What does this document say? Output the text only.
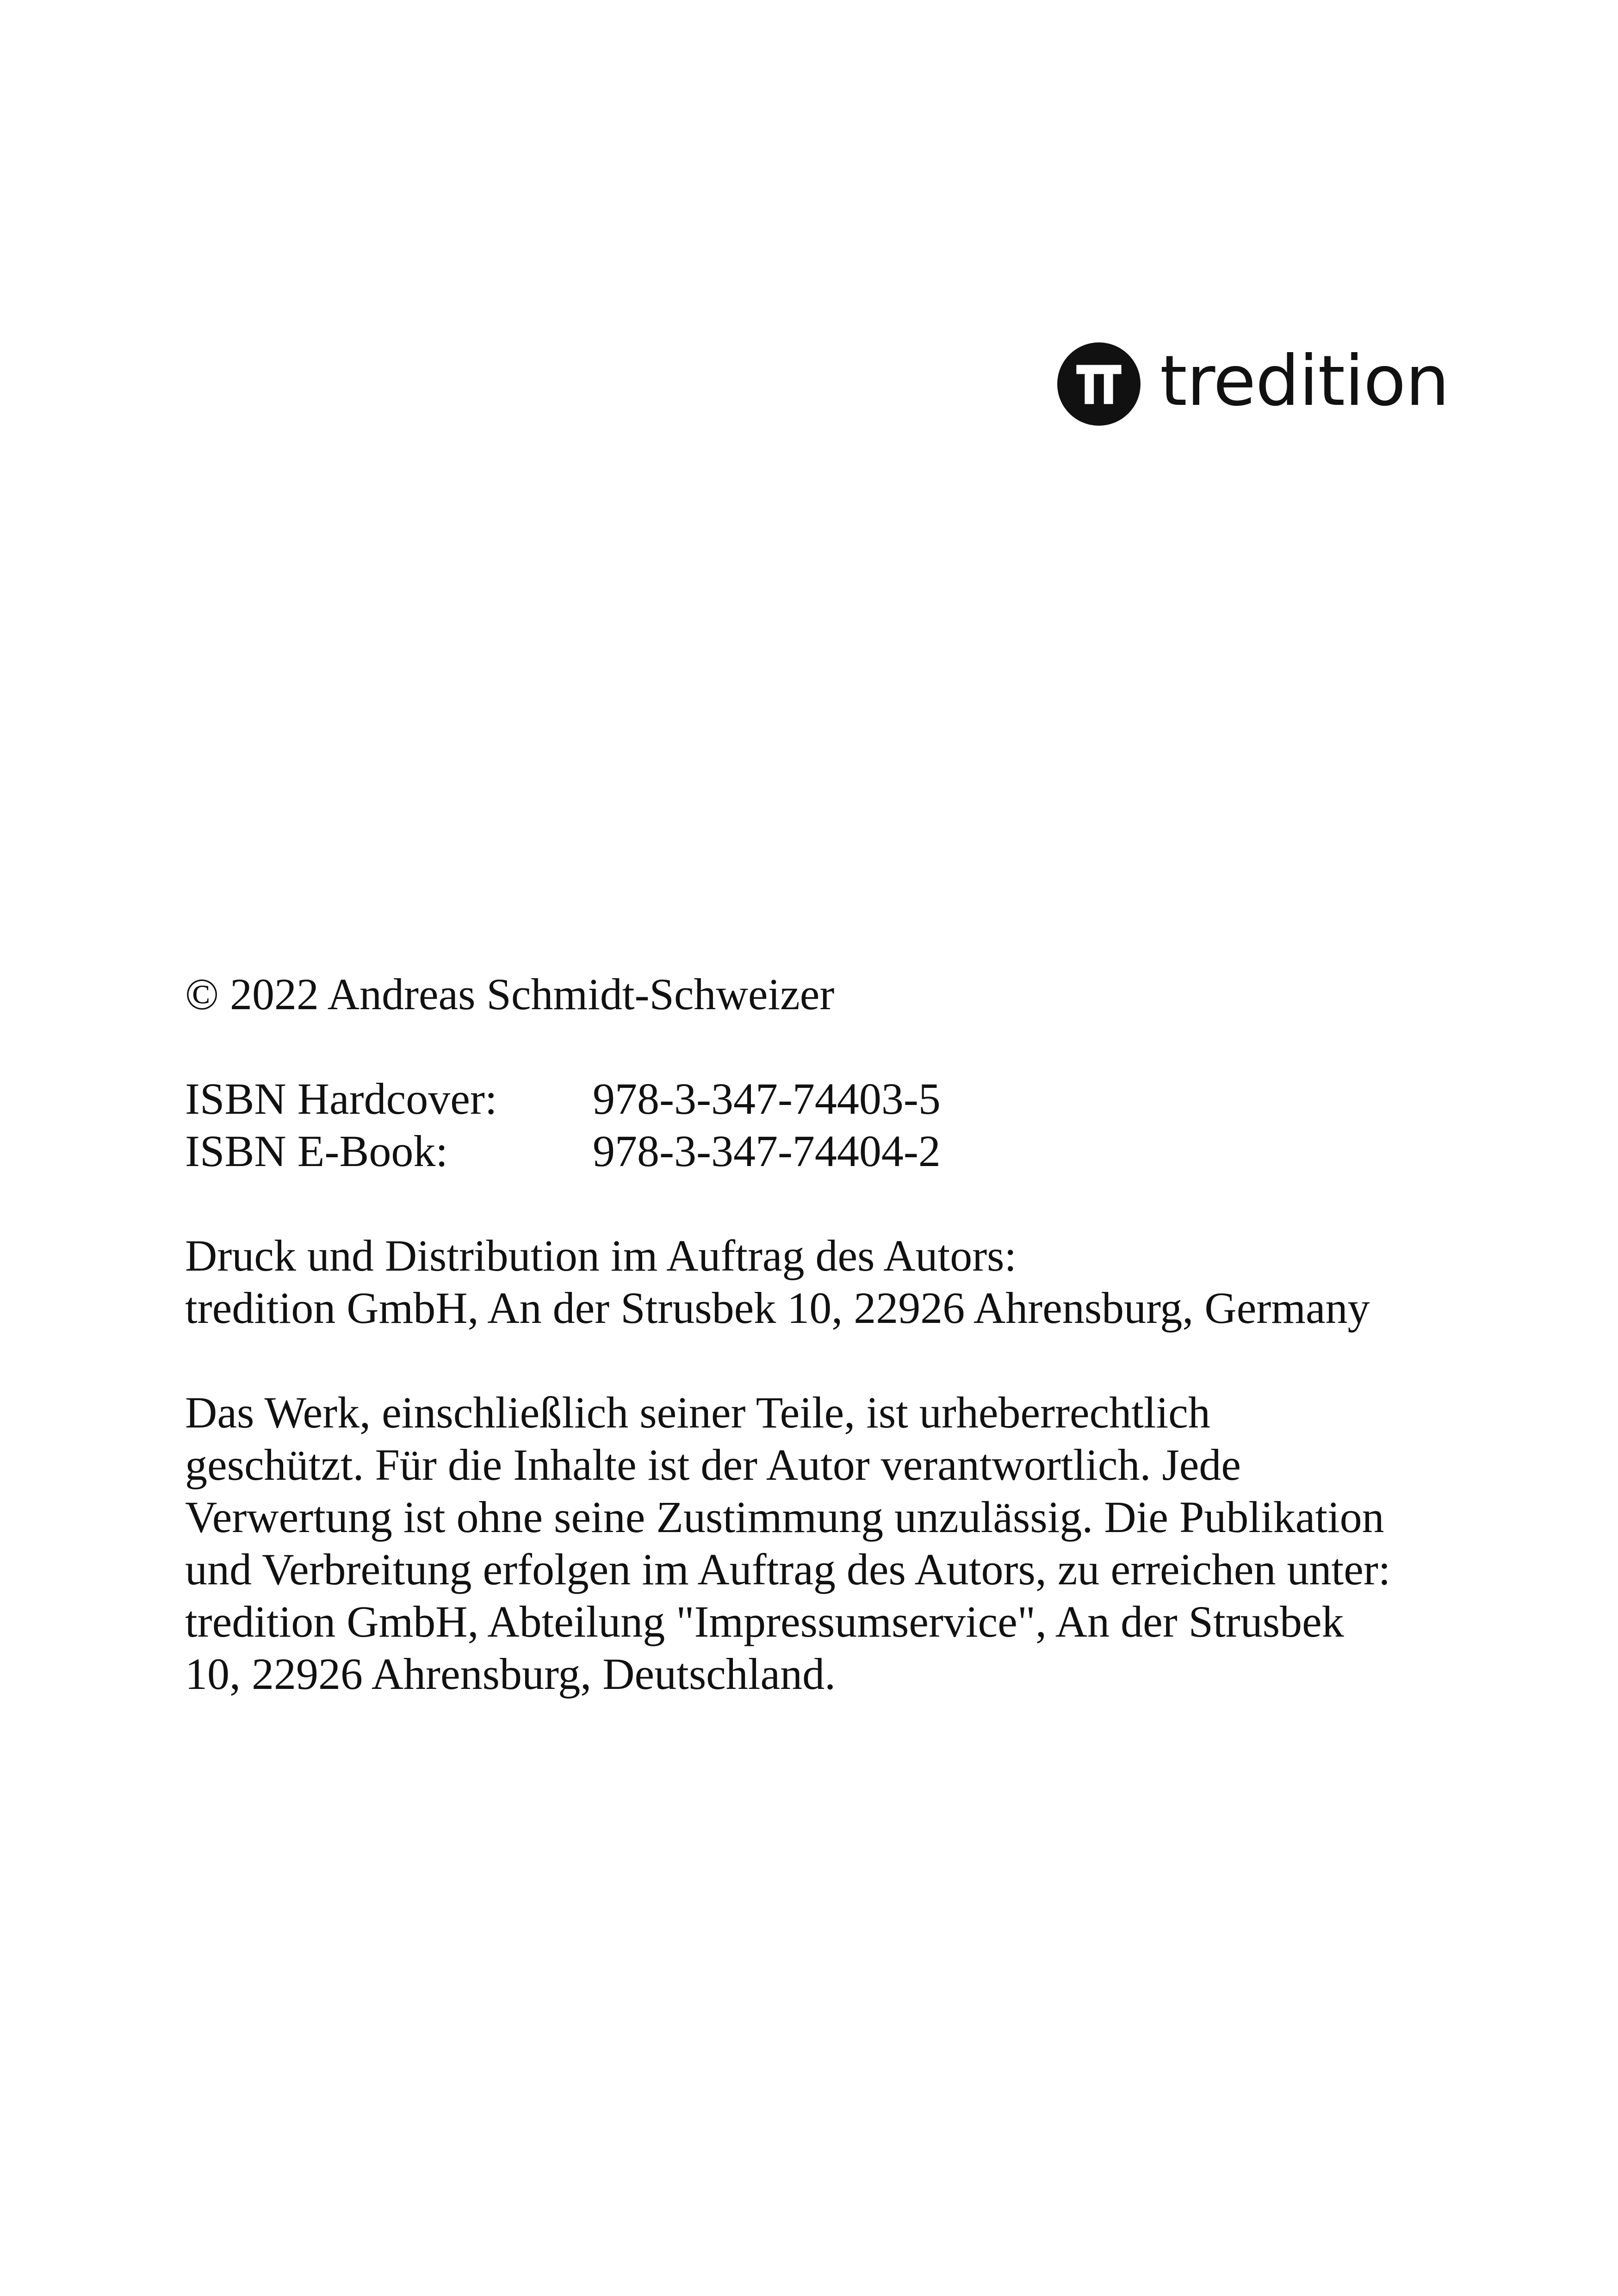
tredition
© 2022 Andreas Schmidt-Schweizer
ISBN Hardcover:	978-3-347-74403-5
ISBN E-Book:	978-3-347-74404-2
Druck und Distribution im Auftrag des Autors:
tredition GmbH, An der Strusbek 10, 22926 Ahrensburg, Germany
Das Werk, einschließlich seiner Teile, ist urheberrechtlich
geschützt. Für die Inhalte ist der Autor verantwortlich. Jede
Verwertung ist ohne seine Zustimmung unzulässig. Die Publikation
und Verbreitung erfolgen im Auftrag des Autors, zu erreichen unter:
tredition GmbH, Abteilung "Impressumservice", An der Strusbek
10, 22926 Ahrensburg, Deutschland.
